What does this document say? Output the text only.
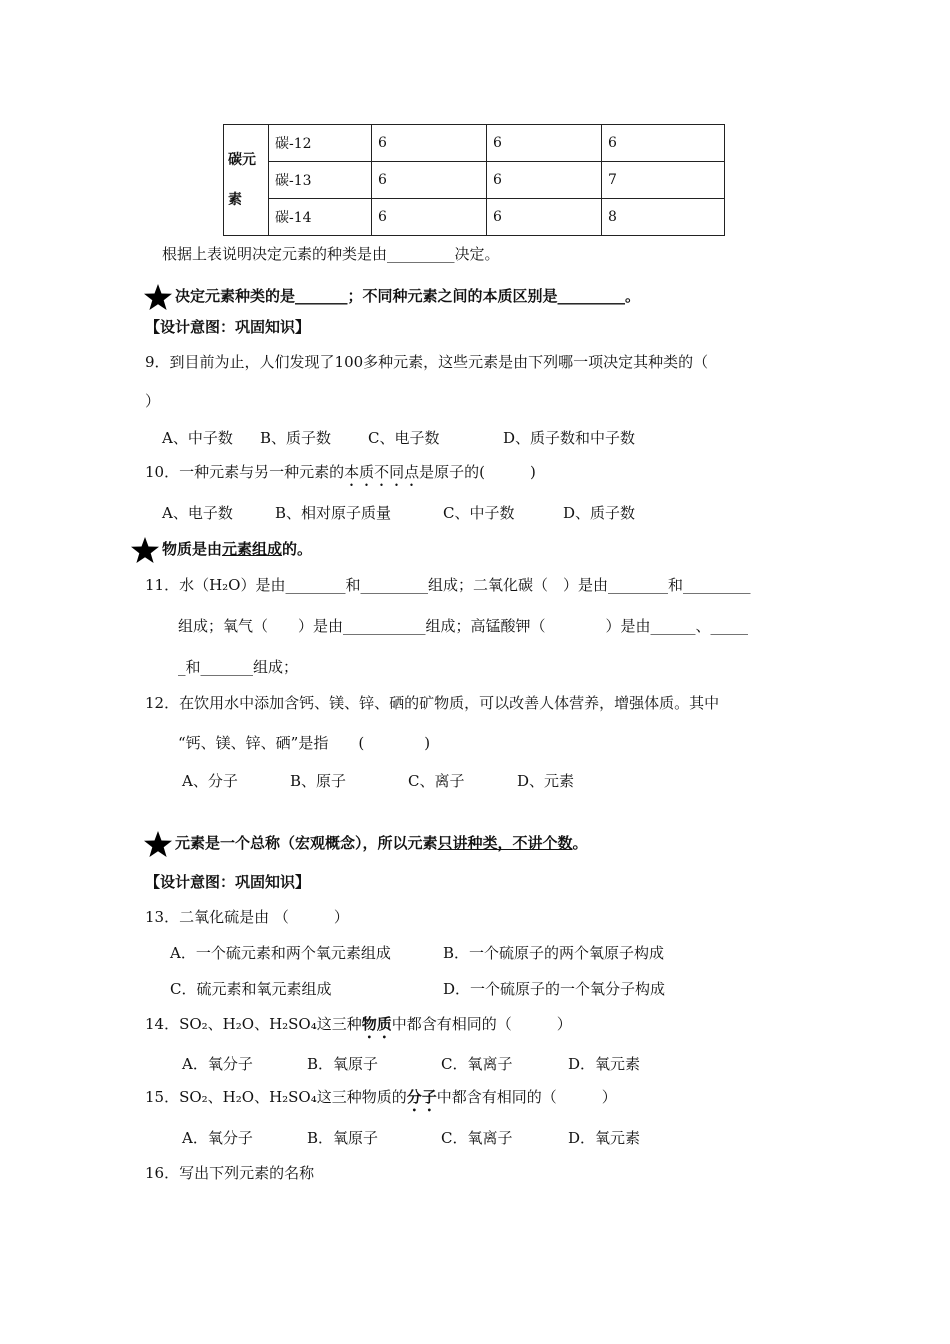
碳元素	碳-12	6	6	6
	碳-13	6	6	7
	碳-14	6	6	8
根据上表说明决定元素的种类是由_________决定。
决定元素种类的是_______；不同种元素之间的本质区别是_________。
【设计意图：巩固知识】
9．到目前为止，人们发现了100多种元素，这些元素是由下列哪一项决定其种类的（
）
A、中子数 B、质子数 C、电子数	D、质子数和中子数
10．一种元素与另一种元素的本质不同点是原子的(　　　)
A、电子数	B、相对原子质量	C、中子数	D、质子数
物质是由元素组成的。
11．水（H₂O）是由________和_________组成；二氧化碳（　）是由________和_________
组成；氧气（　　）是由___________组成；高锰酸钾（　　　　）是由______、_____
_和_______组成；
12．在饮用水中添加含钙、镁、锌、硒的矿物质，可以改善人体营养，增强体质。其中
“钙、镁、锌、硒”是指　　(　　　　)
A、分子	B、原子	C、离子	D、元素
元素是一个总称（宏观概念），所以元素只讲种类，不讲个数。
【设计意图：巩固知识】
13．二氧化硫是由 （　　　）
A．一个硫元素和两个氧元素组成	B．一个硫原子的两个氧原子构成
C．硫元素和氧元素组成	D．一个硫原子的一个氧分子构成
14．SO₂、H₂O、H₂SO₄这三种物质中都含有相同的（　　　）
A．氧分子	B．氧原子	C．氧离子	D．氧元素
15．SO₂、H₂O、H₂SO₄这三种物质的分子中都含有相同的（　　　）
A．氧分子	B．氧原子	C．氧离子	D．氧元素
16．写出下列元素的名称
